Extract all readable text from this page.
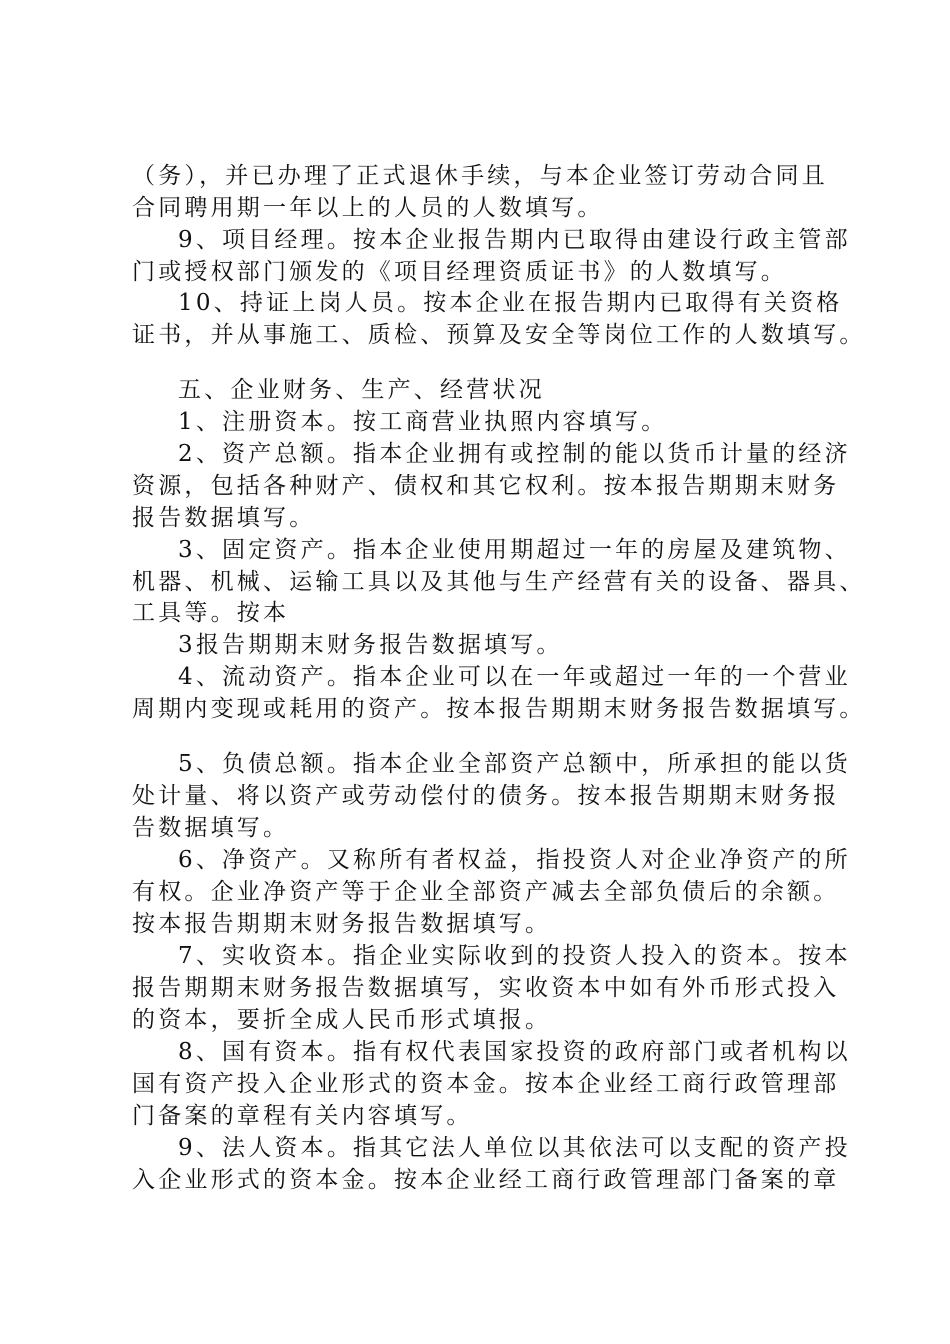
（务），并已办理了正式退休手续，与本企业签订劳动合同且
合同聘用期一年以上的人员的人数填写。
9、项目经理。按本企业报告期内已取得由建设行政主管部
门或授权部门颁发的《项目经理资质证书》的人数填写。
10、持证上岗人员。按本企业在报告期内已取得有关资格
证书，并从事施工、质检、预算及安全等岗位工作的人数填写。
五、企业财务、生产、经营状况
1、注册资本。按工商营业执照内容填写。
2、资产总额。指本企业拥有或控制的能以货币计量的经济
资源，包括各种财产、债权和其它权利。按本报告期期末财务
报告数据填写。
3、固定资产。指本企业使用期超过一年的房屋及建筑物、
机器、机械、运输工具以及其他与生产经营有关的设备、器具、
工具等。按本
3报告期期末财务报告数据填写。
4、流动资产。指本企业可以在一年或超过一年的一个营业
周期内变现或耗用的资产。按本报告期期末财务报告数据填写。
5、负债总额。指本企业全部资产总额中，所承担的能以货
处计量、将以资产或劳动偿付的债务。按本报告期期末财务报
告数据填写。
6、净资产。又称所有者权益，指投资人对企业净资产的所
有权。企业净资产等于企业全部资产减去全部负债后的余额。
按本报告期期末财务报告数据填写。
7、实收资本。指企业实际收到的投资人投入的资本。按本
报告期期末财务报告数据填写，实收资本中如有外币形式投入
的资本，要折全成人民币形式填报。
8、国有资本。指有权代表国家投资的政府部门或者机构以
国有资产投入企业形式的资本金。按本企业经工商行政管理部
门备案的章程有关内容填写。
9、法人资本。指其它法人单位以其依法可以支配的资产投
入企业形式的资本金。按本企业经工商行政管理部门备案的章
